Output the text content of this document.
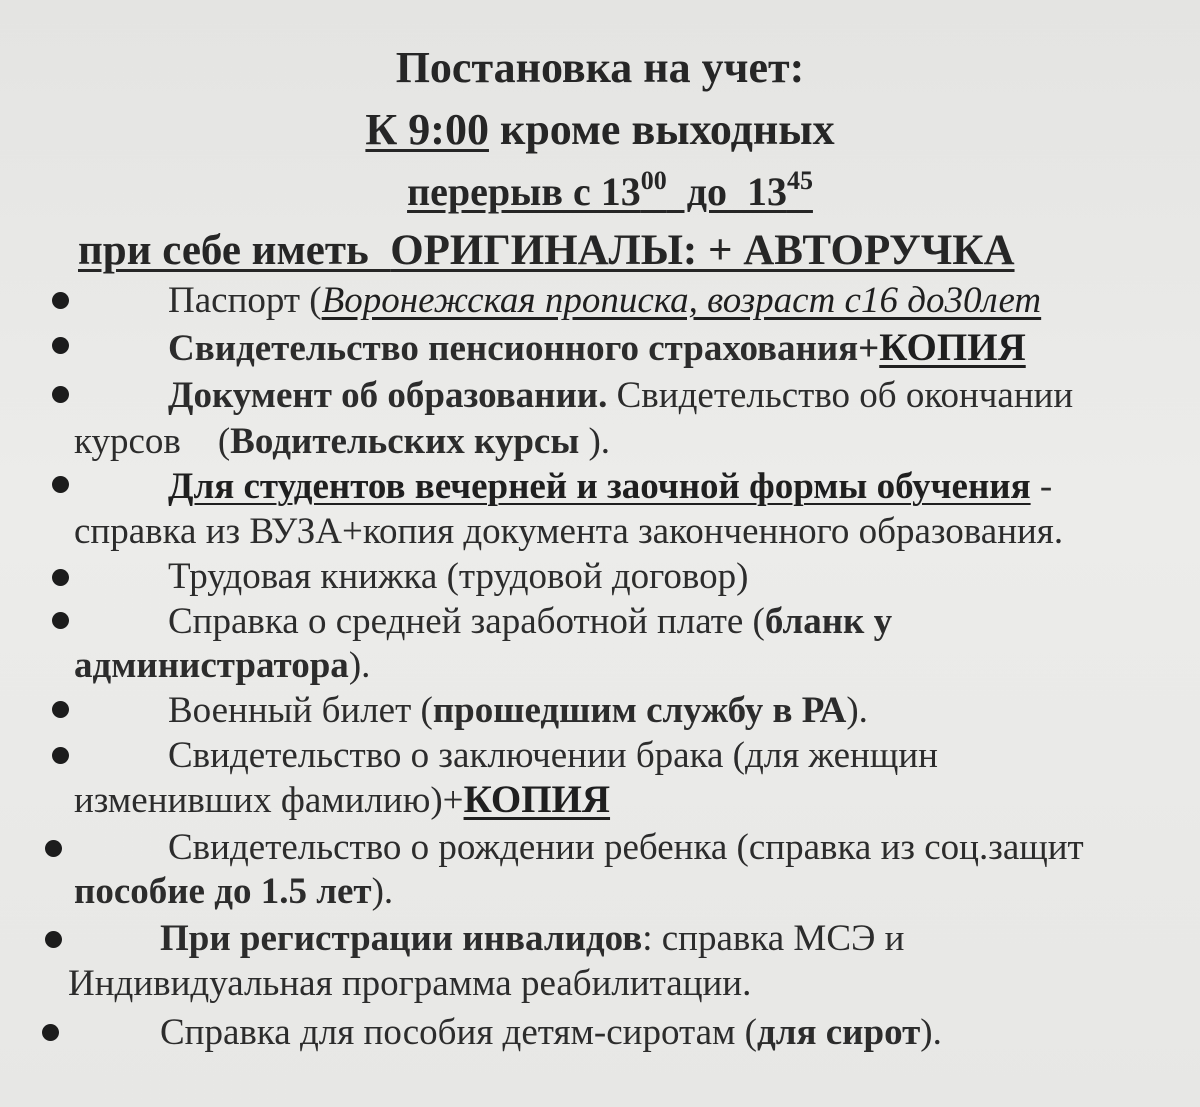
Постановка на учет:
К 9:00 кроме выходных
перерыв с $13^{00}$  до  $13^{45}$
при себе иметь  ОРИГИНАЛЫ: + АВТОРУЧКА
Паспорт (Воронежская прописка, возраст с16 до30лет
Свидетельство пенсионного страхования+КОПИЯ
Документ об образовании. Свидетельство об окончании
курсов    (Водительских курсы ).
Для студентов вечерней и заочной формы обучения -
справка из ВУЗА+копия документа законченного образования.
Трудовая книжка (трудовой договор)
Справка о средней заработной плате (бланк у
администратора).
Военный билет (прошедшим службу в РА).
Свидетельство о заключении брака (для женщин
изменивших фамилию)+КОПИЯ
Свидетельство о рождении ребенка (справка из соц.защит
пособие до 1.5 лет).
При регистрации инвалидов: справка МСЭ и
Индивидуальная программа реабилитации.
Справка для пособия детям-сиротам (для сирот).
